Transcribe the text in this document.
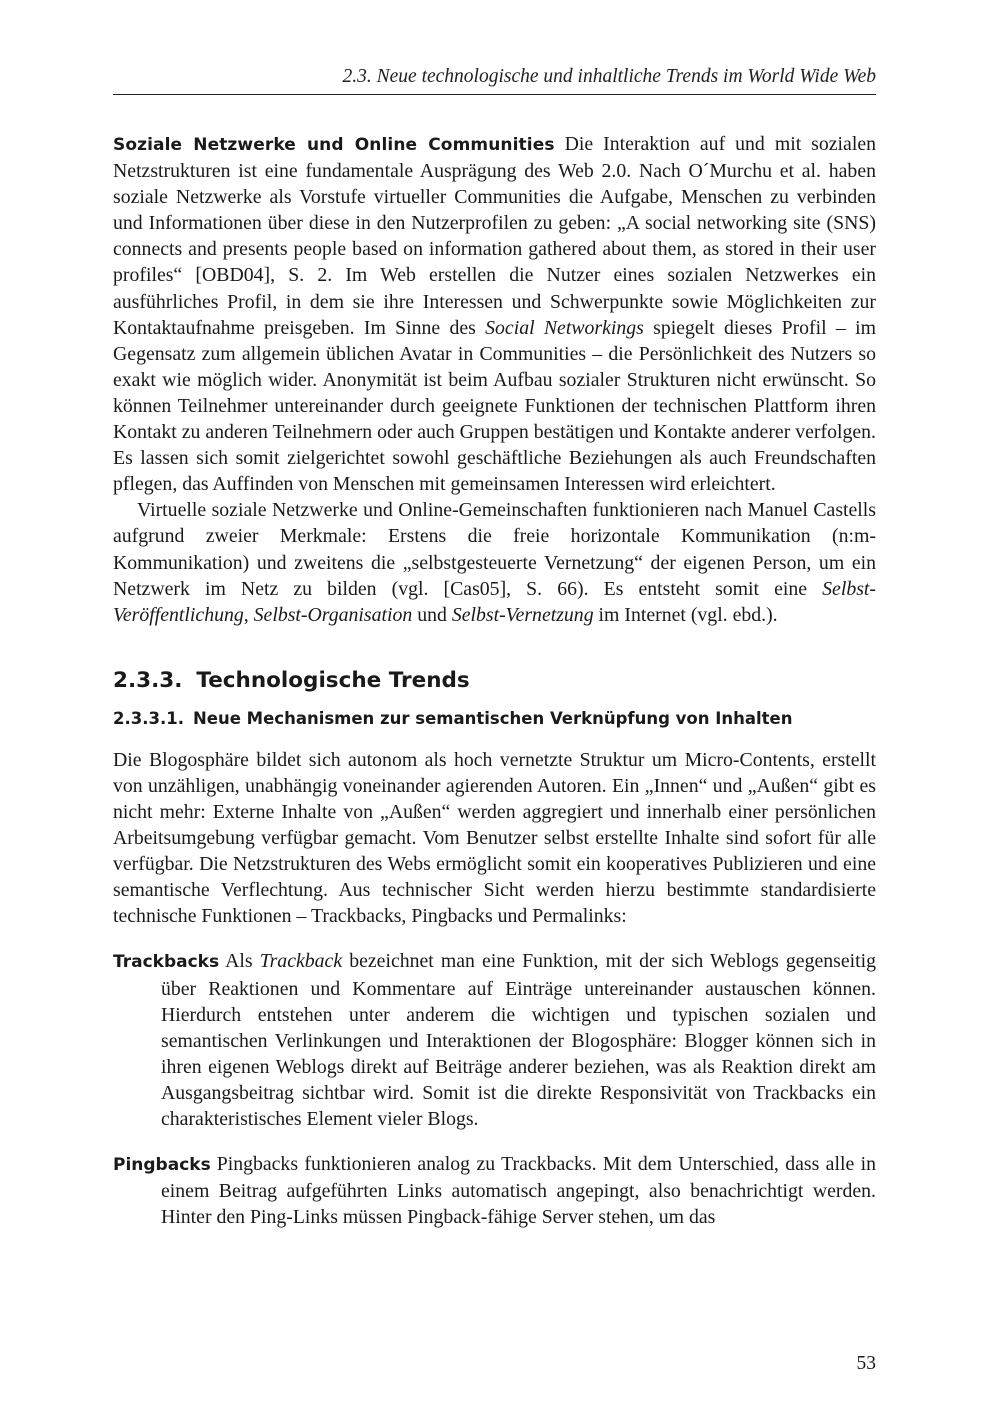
2.3. Neue technologische und inhaltliche Trends im World Wide Web

Soziale Netzwerke und Online Communities Die Interaktion auf und mit sozialen Netzstrukturen ist eine fundamentale Ausprägung des Web 2.0. Nach O´Murchu et al. haben soziale Netzwerke als Vorstufe virtueller Communities die Aufgabe, Menschen zu verbinden und Informationen über diese in den Nutzerprofilen zu geben: „A social networking site (SNS) connects and presents people based on information gathered about them, as stored in their user profiles“ [OBD04], S. 2. Im Web erstellen die Nutzer eines sozialen Netzwerkes ein ausführliches Profil, in dem sie ihre Interessen und Schwerpunkte sowie Möglichkeiten zur Kontaktaufnahme preisgeben. Im Sinne des Social Networkings spiegelt dieses Profil – im Gegensatz zum allgemein üblichen Avatar in Communities – die Persönlichkeit des Nutzers so exakt wie möglich wider. Anonymität ist beim Aufbau sozialer Strukturen nicht erwünscht. So können Teilnehmer untereinander durch geeignete Funktionen der technischen Plattform ihren Kontakt zu anderen Teilnehmern oder auch Gruppen bestätigen und Kontakte anderer verfolgen. Es lassen sich somit zielgerichtet sowohl geschäftliche Beziehungen als auch Freundschaften pflegen, das Auffinden von Menschen mit gemeinsamen Interessen wird erleichtert.

Virtuelle soziale Netzwerke und Online-Gemeinschaften funktionieren nach Manuel Castells aufgrund zweier Merkmale: Erstens die freie horizontale Kommunikation (n:m-Kommunikation) und zweitens die „selbstgesteuerte Vernetzung“ der eigenen Person, um ein Netzwerk im Netz zu bilden (vgl. [Cas05], S. 66). Es entsteht somit eine Selbst-Veröffentlichung, Selbst-Organisation und Selbst-Vernetzung im Internet (vgl. ebd.).

2.3.3. Technologische Trends
2.3.3.1. Neue Mechanismen zur semantischen Verknüpfung von Inhalten

Die Blogosphäre bildet sich autonom als hoch vernetzte Struktur um Micro-Contents, erstellt von unzähligen, unabhängig voneinander agierenden Autoren. Ein „Innen“ und „Außen“ gibt es nicht mehr: Externe Inhalte von „Außen“ werden aggregiert und innerhalb einer persönlichen Arbeitsumgebung verfügbar gemacht. Vom Benutzer selbst erstellte Inhalte sind sofort für alle verfügbar. Die Netzstrukturen des Webs ermöglicht somit ein kooperatives Publizieren und eine semantische Verflechtung. Aus technischer Sicht werden hierzu bestimmte standardisierte technische Funktionen – Trackbacks, Pingbacks und Permalinks:

Trackbacks Als Trackback bezeichnet man eine Funktion, mit der sich Weblogs gegenseitig über Reaktionen und Kommentare auf Einträge untereinander austauschen können. Hierdurch entstehen unter anderem die wichtigen und typischen sozialen und semantischen Verlinkungen und Interaktionen der Blogosphäre: Blogger können sich in ihren eigenen Weblogs direkt auf Beiträge anderer beziehen, was als Reaktion direkt am Ausgangsbeitrag sichtbar wird. Somit ist die direkte Responsivität von Trackbacks ein charakteristisches Element vieler Blogs.

Pingbacks Pingbacks funktionieren analog zu Trackbacks. Mit dem Unterschied, dass alle in einem Beitrag aufgeführten Links automatisch angepingt, also benachrichtigt werden. Hinter den Ping-Links müssen Pingback-fähige Server stehen, um das

53
